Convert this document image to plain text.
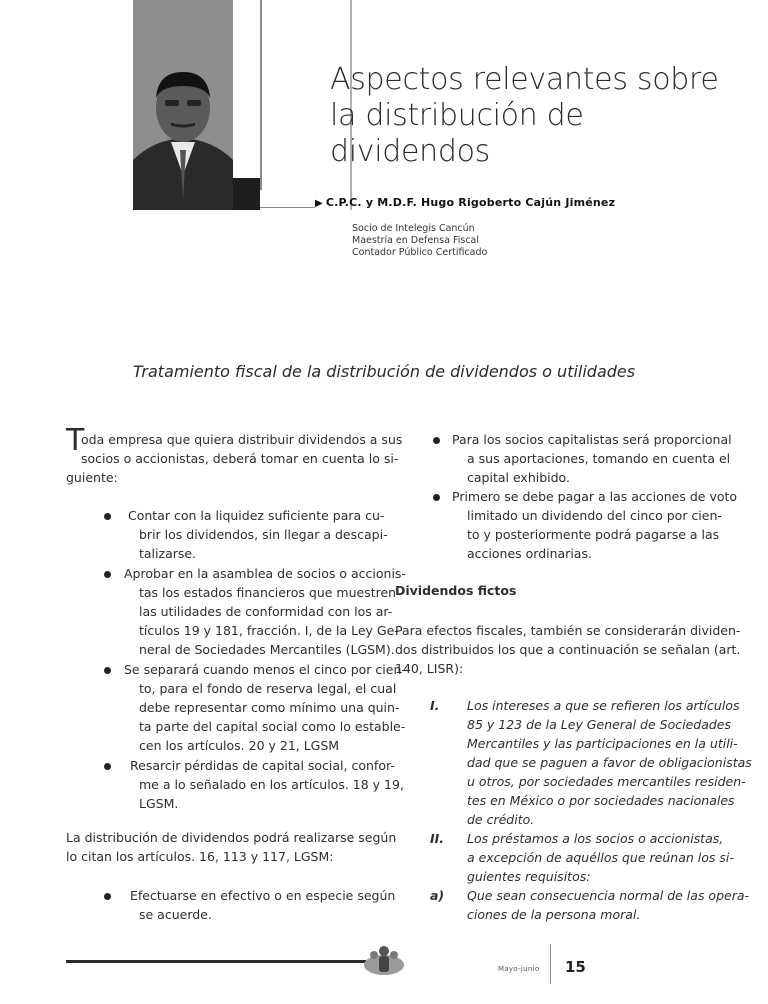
Aspectos relevantes sobre
la distribución de dividendos
▶ C.P.C. y M.D.F. Hugo Rigoberto Cajún Jiménez
Socio de Intelegis Cancún
Maestría en Defensa Fiscal
Contador Público Certificado
Tratamiento fiscal de la distribución de dividendos o utilidades
T
oda empresa que quiera distribuir dividendos a sus
socios o accionistas, deberá tomar en cuenta lo si-
guiente:
Contar con la liquidez suficiente para cu-
brir los dividendos, sin llegar a descapi-
talizarse.
Aprobar en la asamblea de socios o accionis-
tas los estados financieros que muestren
las utilidades de conformidad con los ar-
tículos 19 y 181, fracción. I, de la Ley Ge-
neral de Sociedades Mercantiles (LGSM).
Se separará cuando menos el cinco por cien-
to, para el fondo de reserva legal, el cual
debe representar como mínimo una quin-
ta parte del capital social como lo estable-
cen los artículos. 20 y 21, LGSM
Resarcir pérdidas de capital social, confor-
me a lo señalado en los artículos. 18 y 19,
LGSM.
La distribución de dividendos podrá realizarse según
lo citan los artículos. 16, 113 y 117, LGSM:
Efectuarse en efectivo o en especie según
se acuerde.
Para los socios capitalistas será proporcional
a sus aportaciones, tomando en cuenta el
capital exhibido.
Primero se debe pagar a las acciones de voto
limitado un dividendo del cinco por cien-
to y posteriormente podrá pagarse a las
acciones ordinarias.
Dividendos fictos
Para efectos fiscales, también se considerarán dividen-
dos distribuidos los que a continuación se señalan (art.
140, LISR):
I. Los intereses a que se refieren los artículos
85 y 123 de la Ley General de Sociedades
Mercantiles y las participaciones en la utili-
dad que se paguen a favor de obligacionistas
u otros, por sociedades mercantiles residen-
tes en México o por sociedades nacionales
de crédito.
II. Los préstamos a los socios o accionistas,
a excepción de aquéllos que reúnan los si-
guientes requisitos:
a) Que sean consecuencia normal de las opera-
ciones de la persona moral.
Mayo-junio 15
